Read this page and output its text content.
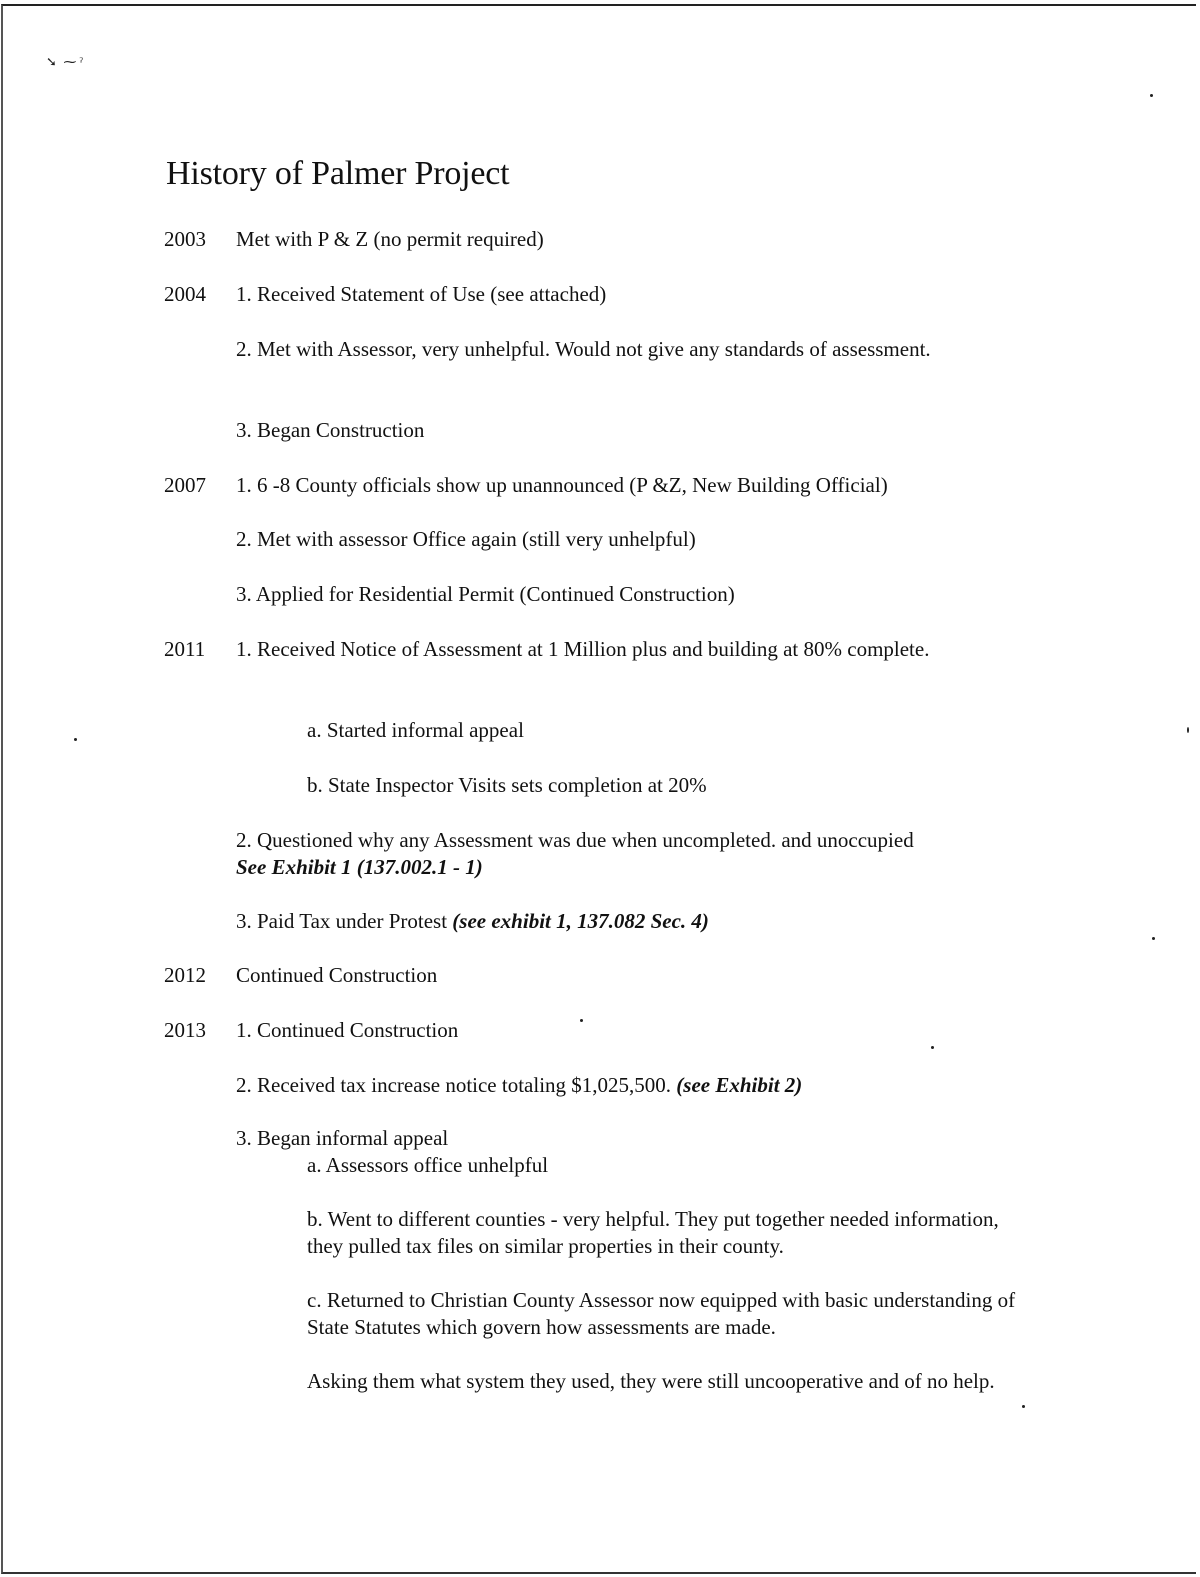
➘  ⁓ ˀ
History of Palmer Project
2003 Met with P & Z (no permit required)
2004 1. Received Statement of Use (see attached)
2. Met with Assessor, very unhelpful. Would not give any standards of assessment.
3. Began Construction
2007 1. 6 -8 County officials show up unannounced (P &Z, New Building Official)
2. Met with assessor Office again (still very unhelpful)
3. Applied for Residential Permit (Continued Construction)
2011 1. Received Notice of Assessment at 1 Million plus and building at 80% complete.
a. Started informal appeal
b. State Inspector Visits sets completion at 20%
2. Questioned why any Assessment was due when uncompleted. and unoccupied
See Exhibit 1 (137.002.1 - 1)
3. Paid Tax under Protest (see exhibit 1, 137.082 Sec. 4)
2012 Continued Construction
2013 1. Continued Construction
2. Received tax increase notice totaling $1,025,500. (see Exhibit 2)
3. Began informal appeal
a. Assessors office unhelpful
b. Went to different counties - very helpful. They put together needed information, they pulled tax files on similar properties in their county.
c. Returned to Christian County Assessor now equipped with basic understanding of State Statutes which govern how assessments are made.
Asking them what system they used, they were still uncooperative and of no help.
